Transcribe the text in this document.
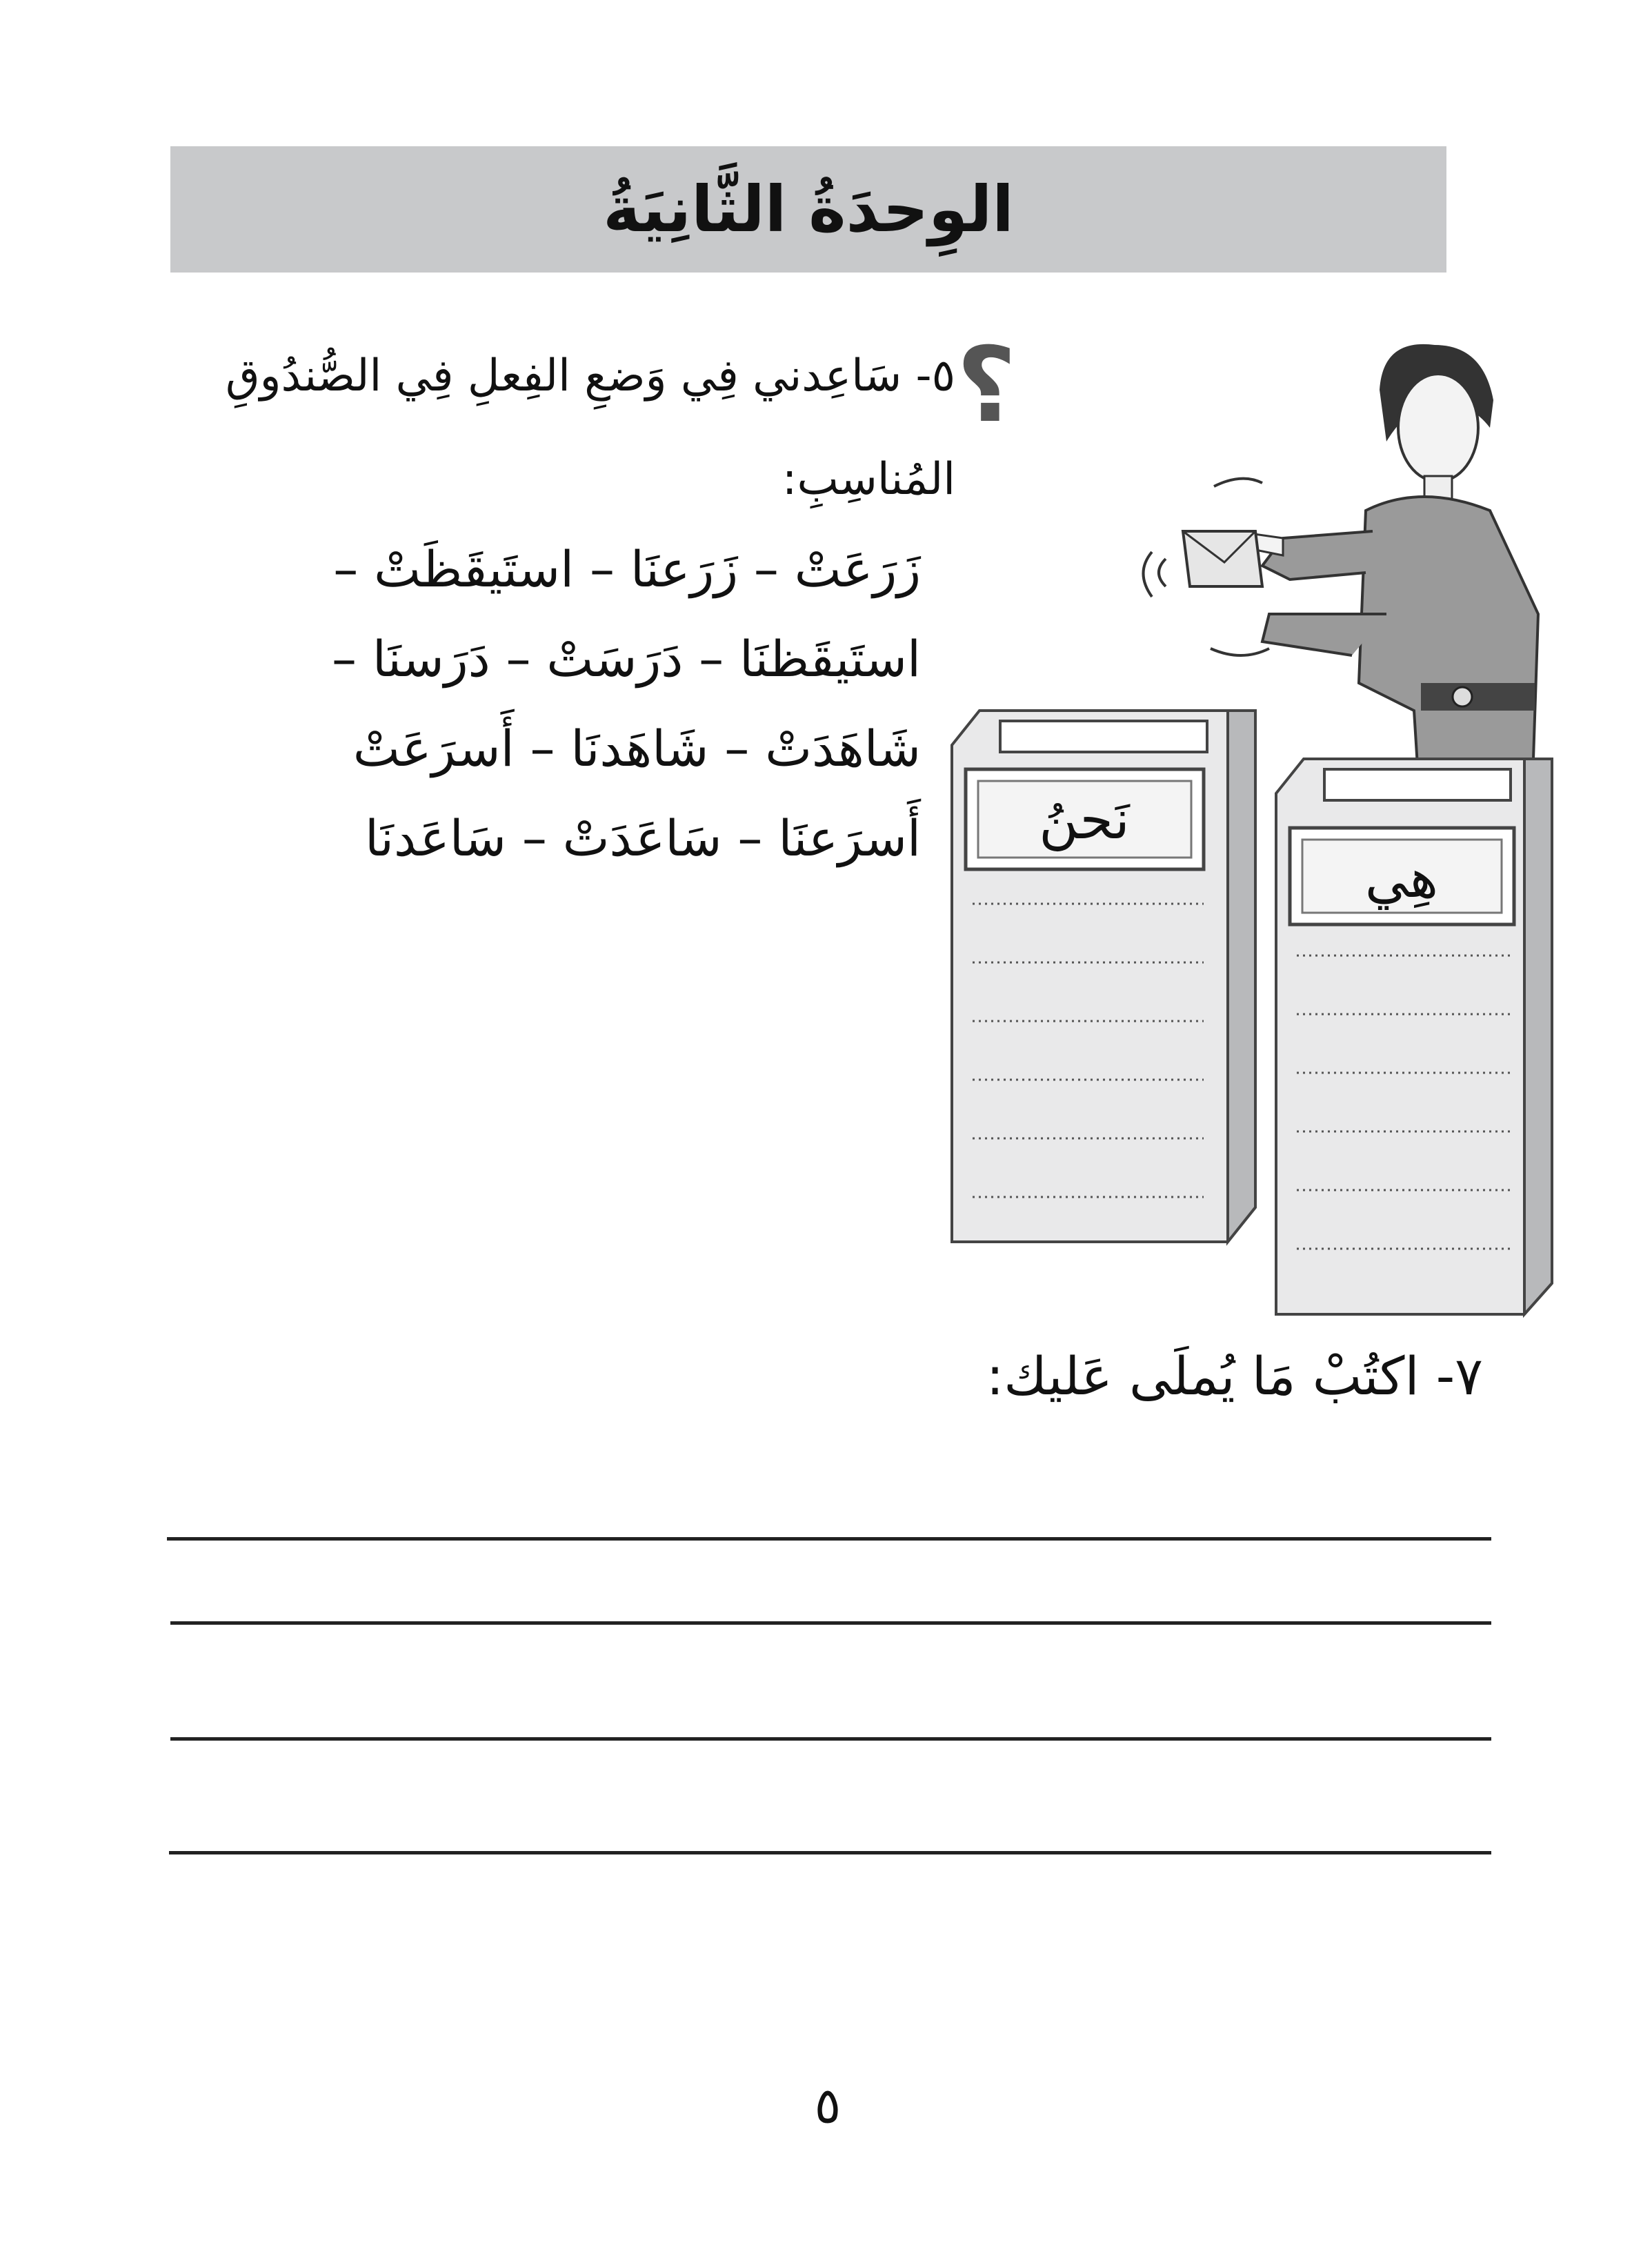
الوِحدَةُ الثَّانِيَةُ
٥- سَاعِدني فِي وَضعِ الفِعلِ فِي الصُّندُوقِ
المُناسِبِ:
زَرَعَتْ – زَرَعنَا – استَيقَظَتْ –
استَيقَظنَا – دَرَسَتْ – دَرَسنَا –
شَاهَدَتْ – شَاهَدنَا – أَسرَعَتْ
أَسرَعنَا – سَاعَدَتْ – سَاعَدنَا
؟
نَحنُ
هِي
٧- اكتُبْ مَا يُملَى عَليك:
٥
